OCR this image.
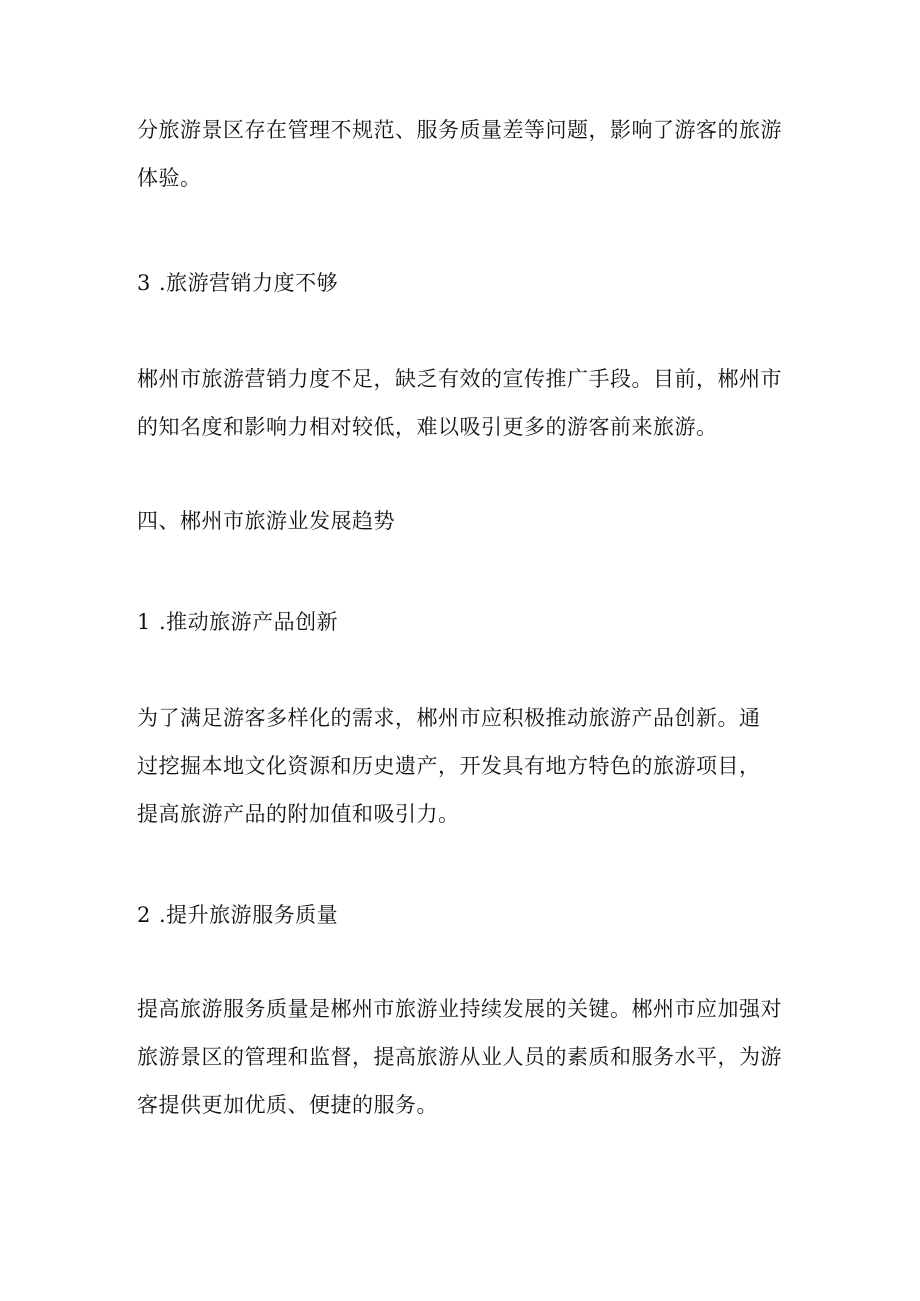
分旅游景区存在管理不规范、服务质量差等问题，影响了游客的旅游
体验。
3 .旅游营销力度不够
郴州市旅游营销力度不足，缺乏有效的宣传推广手段。目前，郴州市
的知名度和影响力相对较低，难以吸引更多的游客前来旅游。
四、郴州市旅游业发展趋势
1 .推动旅游产品创新
为了满足游客多样化的需求，郴州市应积极推动旅游产品创新。通
过挖掘本地文化资源和历史遗产，开发具有地方特色的旅游项目，
提高旅游产品的附加值和吸引力。
2 .提升旅游服务质量
提高旅游服务质量是郴州市旅游业持续发展的关键。郴州市应加强对
旅游景区的管理和监督，提高旅游从业人员的素质和服务水平，为游
客提供更加优质、便捷的服务。
